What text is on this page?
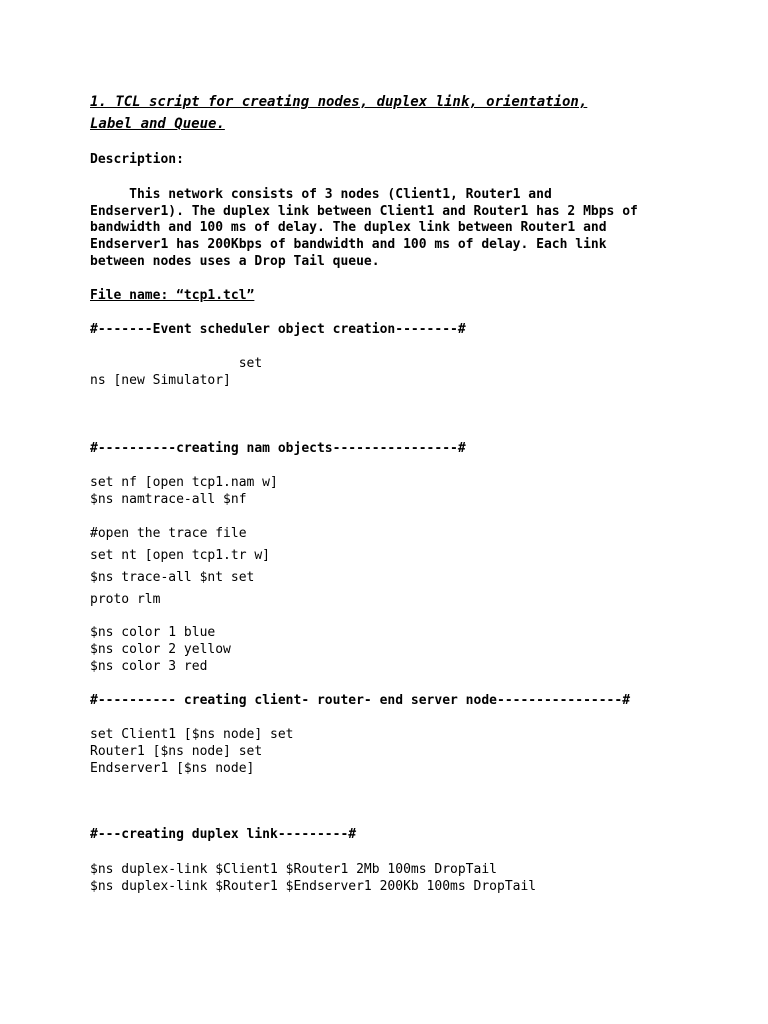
1. TCL script for creating nodes, duplex link, orientation,
Label and Queue.
Description:
This network consists of 3 nodes (Client1, Router1 and
Endserver1). The duplex link between Client1 and Router1 has 2 Mbps of
bandwidth and 100 ms of delay. The duplex link between Router1 and
Endserver1 has 200Kbps of bandwidth and 100 ms of delay. Each link
between nodes uses a Drop Tail queue.
File name: “tcp1.tcl”
#-------Event scheduler object creation--------#
set
ns [new Simulator]
#----------creating nam objects----------------#
set nf [open tcp1.nam w]
$ns namtrace-all $nf
#open the trace file
set nt [open tcp1.tr w]
$ns trace-all $nt set
proto rlm
$ns color 1 blue
$ns color 2 yellow
$ns color 3 red
#---------- creating client- router- end server node----------------#
set Client1 [$ns node] set
Router1 [$ns node] set
Endserver1 [$ns node]
#---creating duplex link---------#
$ns duplex-link $Client1 $Router1 2Mb 100ms DropTail
$ns duplex-link $Router1 $Endserver1 200Kb 100ms DropTail
